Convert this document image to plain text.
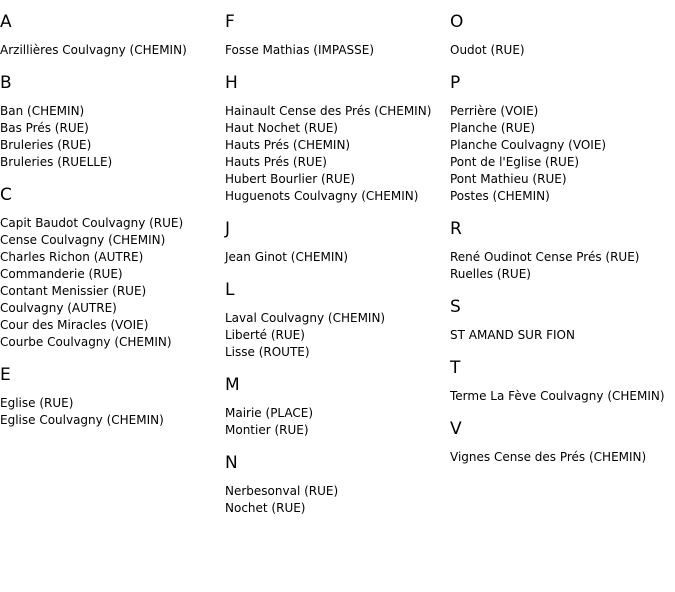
A
Arzillières Coulvagny (CHEMIN)
B
Ban (CHEMIN)
Bas Prés (RUE)
Bruleries (RUE)
Bruleries (RUELLE)
C
Capit Baudot Coulvagny (RUE)
Cense Coulvagny (CHEMIN)
Charles Richon (AUTRE)
Commanderie (RUE)
Contant Menissier (RUE)
Coulvagny (AUTRE)
Cour des Miracles (VOIE)
Courbe Coulvagny (CHEMIN)
E
Eglise (RUE)
Eglise Coulvagny (CHEMIN)
F
Fosse Mathias (IMPASSE)
H
Hainault Cense des Prés (CHEMIN)
Haut Nochet (RUE)
Hauts Prés (CHEMIN)
Hauts Prés (RUE)
Hubert Bourlier (RUE)
Huguenots Coulvagny (CHEMIN)
J
Jean Ginot (CHEMIN)
L
Laval Coulvagny (CHEMIN)
Liberté (RUE)
Lisse (ROUTE)
M
Mairie (PLACE)
Montier (RUE)
N
Nerbesonval (RUE)
Nochet (RUE)
O
Oudot (RUE)
P
Perrière (VOIE)
Planche (RUE)
Planche Coulvagny (VOIE)
Pont de l'Eglise (RUE)
Pont Mathieu (RUE)
Postes (CHEMIN)
R
René Oudinot Cense Prés (RUE)
Ruelles (RUE)
S
ST AMAND SUR FION
T
Terme La Fève Coulvagny (CHEMIN)
V
Vignes Cense des Prés (CHEMIN)
